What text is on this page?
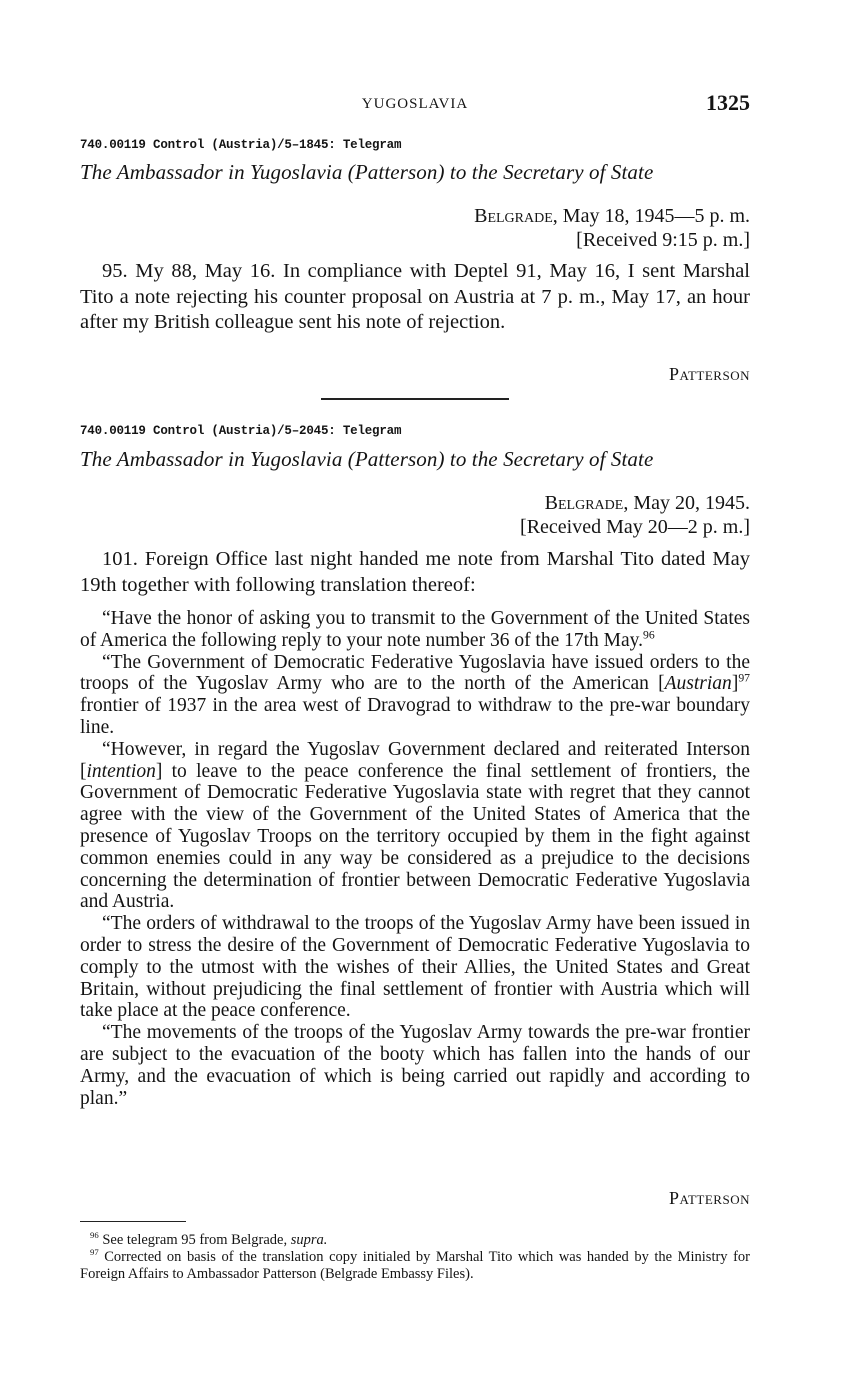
YUGOSLAVIA	1325
740.00119 Control (Austria)/5–1845: Telegram
The Ambassador in Yugoslavia (Patterson) to the Secretary of State
Belgrade, May 18, 1945—5 p. m.
[Received 9:15 p. m.]

95. My 88, May 16. In compliance with Deptel 91, May 16, I sent Marshal Tito a note rejecting his counter proposal on Austria at 7 p. m., May 17, an hour after my British colleague sent his note of rejection.

Patterson
740.00119 Control (Austria)/5–2045: Telegram
The Ambassador in Yugoslavia (Patterson) to the Secretary of State
Belgrade, May 20, 1945.
[Received May 20—2 p. m.]

101. Foreign Office last night handed me note from Marshal Tito dated May 19th together with following translation thereof:

“Have the honor of asking you to transmit to the Government of the United States of America the following reply to your note number 36 of the 17th May.$^{96}$

“The Government of Democratic Federative Yugoslavia have issued orders to the troops of the Yugoslav Army who are to the north of the American [Austrian]$^{97}$ frontier of 1937 in the area west of Dravograd to withdraw to the pre-war boundary line.

“However, in regard the Yugoslav Government declared and reiterated Interson [intention] to leave to the peace conference the final settlement of frontiers, the Government of Democratic Federative Yugoslavia state with regret that they cannot agree with the view of the Government of the United States of America that the presence of Yugoslav Troops on the territory occupied by them in the fight against common enemies could in any way be considered as a prejudice to the decisions concerning the determination of frontier between Democratic Federative Yugoslavia and Austria.

“The orders of withdrawal to the troops of the Yugoslav Army have been issued in order to stress the desire of the Government of Democratic Federative Yugoslavia to comply to the utmost with the wishes of their Allies, the United States and Great Britain, without prejudicing the final settlement of frontier with Austria which will take place at the peace conference.

“The movements of the troops of the Yugoslav Army towards the pre-war frontier are subject to the evacuation of the booty which has fallen into the hands of our Army, and the evacuation of which is being carried out rapidly and according to plan.”

Patterson

$^{96}$ See telegram 95 from Belgrade, supra.

$^{97}$ Corrected on basis of the translation copy initialed by Marshal Tito which was handed by the Ministry for Foreign Affairs to Ambassador Patterson (Belgrade Embassy Files).
